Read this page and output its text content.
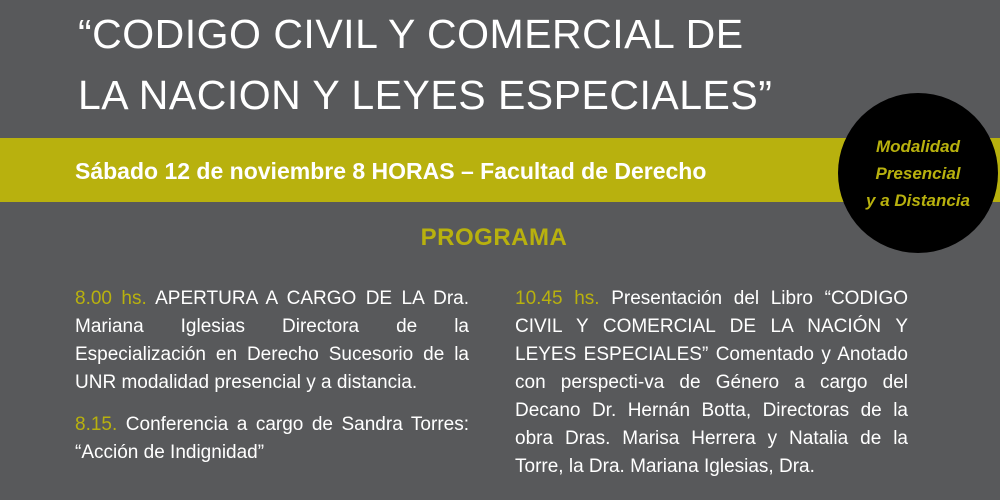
“CODIGO CIVIL Y COMERCIAL DE
LA NACION Y LEYES ESPECIALES”
Sábado 12 de noviembre 8 HORAS – Facultad de Derecho
Modalidad
Presencial
y a Distancia
PROGRAMA

8.00 hs. APERTURA A CARGO DE LA Dra. Mariana Iglesias Directora de la Especialización en Derecho Sucesorio de la UNR modalidad presencial y a distancia.

8.15. Conferencia a cargo de Sandra Torres: “Acción de Indignidad”

10.45 hs. Presentación del Libro “CODIGO CIVIL Y COMERCIAL DE LA NACIÓN Y LEYES ESPECIALES” Comentado y Anotado con perspecti-va de Género a cargo del Decano Dr. Hernán Botta, Directoras de la obra Dras. Marisa Herrera y Natalia de la Torre, la Dra. Mariana Iglesias, Dra.
